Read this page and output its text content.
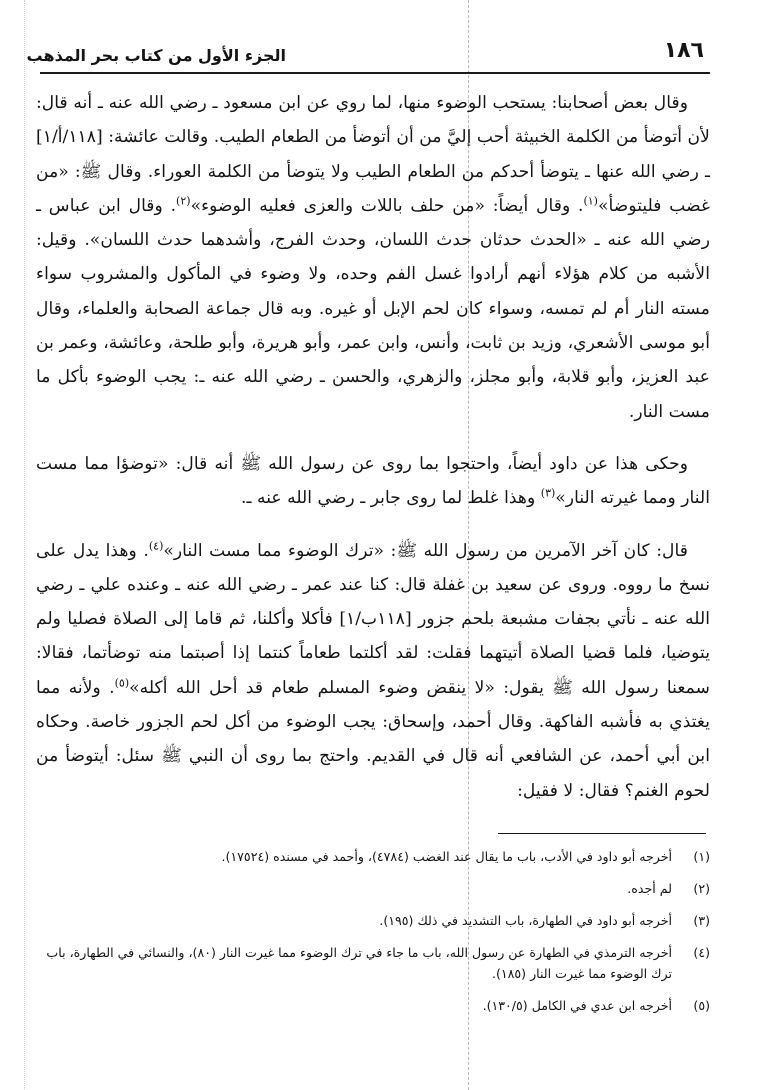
١٨٦
الجزء الأول من كتاب بحر المذهب

وقال بعض أصحابنا: يستحب الوضوء منها، لما روي عن ابن مسعود ـ رضي الله عنه ـ أنه قال: لأن أتوضأ من الكلمة الخبيثة أحب إليَّ من أن أتوضأ من الطعام الطيب. وقالت عائشة: [١١٨/أ/١] ـ رضي الله عنها ـ يتوضأ أحدكم من الطعام الطيب ولا يتوضأ من الكلمة العوراء. وقال ﷺ: «من غضب فليتوضأ»$^{(١)}$. وقال أيضاً: «من حلف باللات والعزى فعليه الوضوء»$^{(٢)}$. وقال ابن عباس ـ رضي الله عنه ـ «الحدث حدثان حدث اللسان، وحدث الفرج، وأشدهما حدث اللسان». وقيل: الأشبه من كلام هؤلاء أنهم أرادوا غسل الفم وحده، ولا وضوء في المأكول والمشروب سواء مسته النار أم لم تمسه، وسواء كان لحم الإبل أو غيره. وبه قال جماعة الصحابة والعلماء، وقال أبو موسى الأشعري، وزيد بن ثابت، وأنس، وابن عمر، وأبو هريرة، وأبو طلحة، وعائشة، وعمر بن عبد العزيز، وأبو قلابة، وأبو مجلز، والزهري، والحسن ـ رضي الله عنه ـ: يجب الوضوء بأكل ما مست النار.

وحكى هذا عن داود أيضاً، واحتجوا بما روى عن رسول الله ﷺ أنه قال: «توضؤا مما مست النار ومما غيرته النار»$^{(٣)}$ وهذا غلط لما روى جابر ـ رضي الله عنه ـ.

قال: كان آخر الآمرين من رسول الله ﷺ: «ترك الوضوء مما مست النار»$^{(٤)}$. وهذا يدل على نسخ ما رووه. وروى عن سعيد بن غفلة قال: كنا عند عمر ـ رضي الله عنه ـ وعنده علي ـ رضي الله عنه ـ نأتي بجفات مشبعة بلحم جزور [١١٨ب/١] فأكلا وأكلنا، ثم قاما إلى الصلاة فصليا ولم يتوضيا، فلما قضيا الصلاة أتيتهما فقلت: لقد أكلتما طعاماً كنتما إذا أصبتما منه توضأتما، فقالا: سمعنا رسول الله ﷺ يقول: «لا ينقض وضوء المسلم طعام قد أحل الله أكله»$^{(٥)}$. ولأنه مما يغتذي به فأشبه الفاكهة. وقال أحمد، وإسحاق: يجب الوضوء من أكل لحم الجزور خاصة. وحكاه ابن أبي أحمد، عن الشافعي أنه قال في القديم. واحتج بما روى أن النبي ﷺ سئل: أيتوضأ من لحوم الغنم؟ فقال: لا فقيل:

(١)
أخرجه أبو داود في الأدب، باب ما يقال عند الغضب (٤٧٨٤)، وأحمد في مسنده (١٧٥٢٤).
(٢)
لم أجده.
(٣)
أخرجه أبو داود في الطهارة، باب التشديد في ذلك (١٩٥).
(٤)
أخرجه الترمذي في الطهارة عن رسول الله، باب ما جاء في ترك الوضوء مما غيرت النار (٨٠)، والنسائي في الطهارة، باب ترك الوضوء مما غيرت النار (١٨٥).
(٥)
أخرجه ابن عدي في الكامل (١٣٠/٥).
